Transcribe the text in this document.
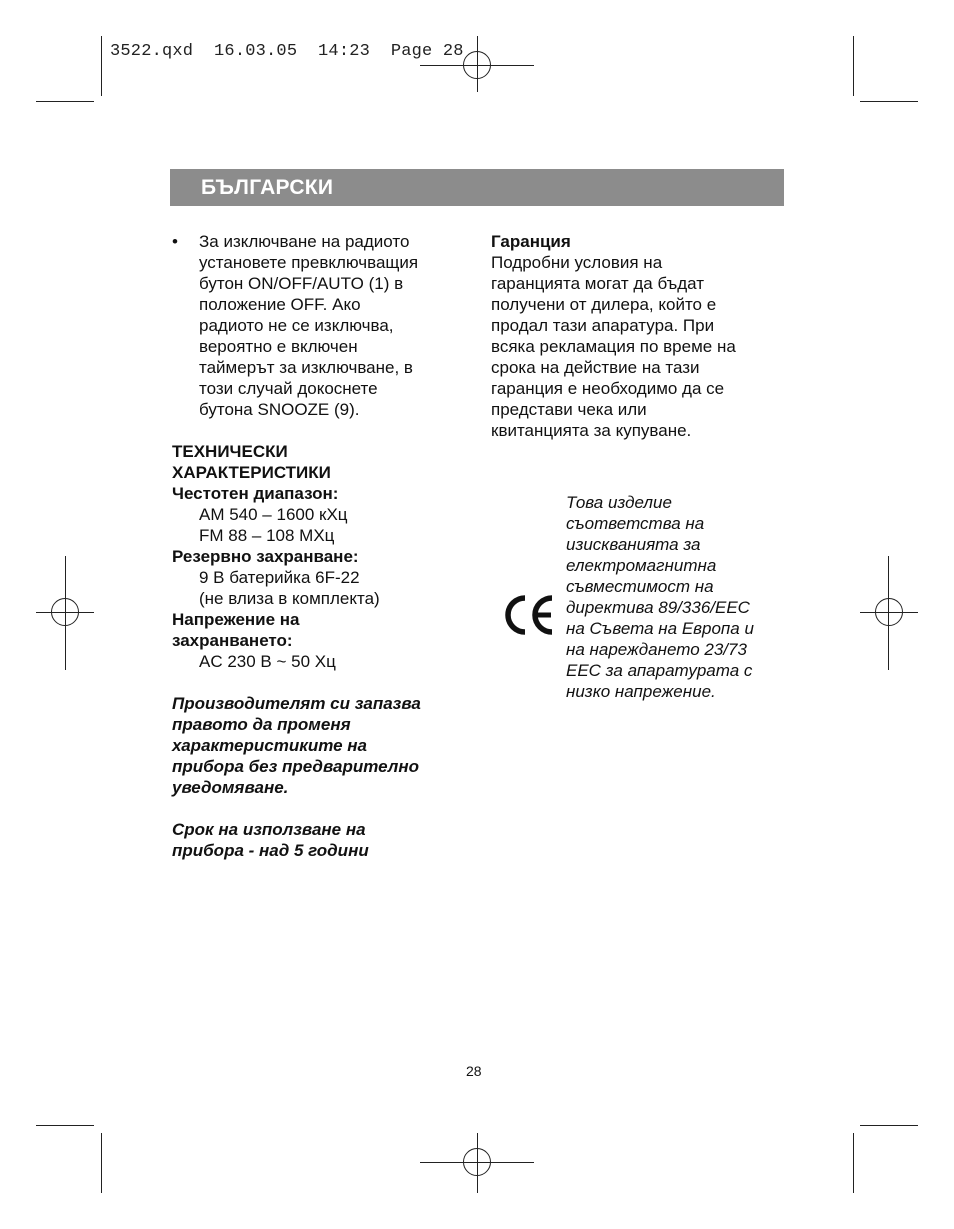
3522.qxd  16.03.05  14:23  Page 28
БЪЛГАРСКИ
• За изключване на радиото
установете превключващия
бутон ON/OFF/AUTO (1) в
положение OFF. Ако
радиото не се изключва,
вероятно е включен
таймерът за изключване, в
този случай докоснете
бутона SNOOZE (9).
ТЕХНИЧЕСКИ
ХАРАКТЕРИСТИКИ
Честотен диапазон:
AM 540 – 1600 кХц
FM 88 – 108 MХц
Резервно захранване:
9 В батерийка 6F-22
(не влиза в комплекта)
Напрежение на
захранването:
AC 230 В ~ 50 Хц
Производителят си запазва
правото да променя
характеристиките на
прибора без предварително
уведомяване.
Срок на използване на
прибора - над 5 години
Гаранция
Подробни условия на
гаранцията могат да бъдат
получени от дилера, който е
продал тази апаратура. При
всяка рекламация по време на
срока на действие на тази
гаранция е необходимо да се
представи чека или
квитанцията за купуване.
Това изделие
съответства на
изискванията за
електромагнитна
съвместимост на
директива 89/336/EEC
на Съвета на Европа и
на нареждането 23/73
EEC за апаратурата с
низко напрежение.
28
